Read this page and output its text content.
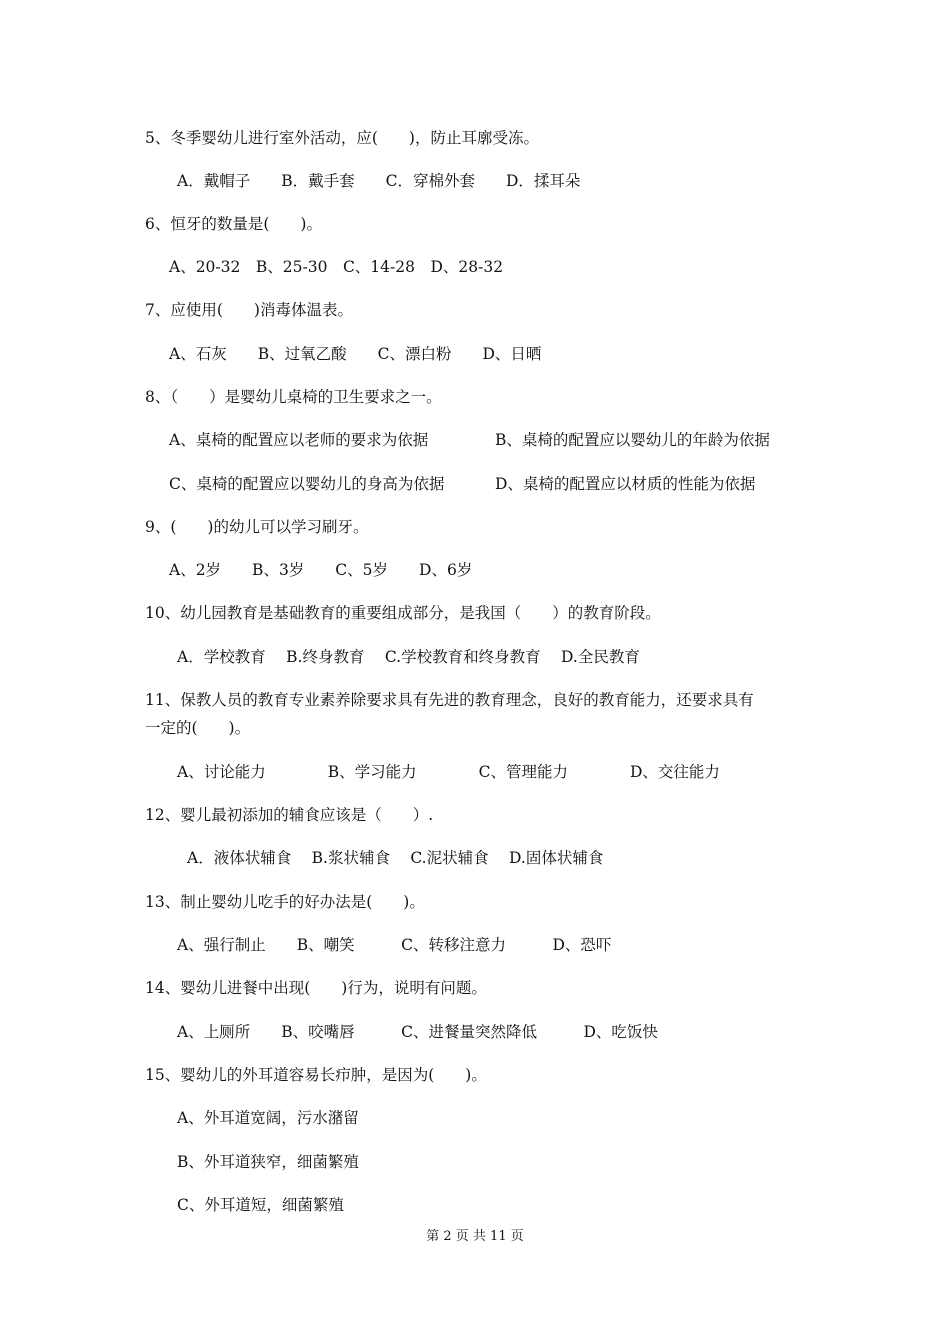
5、冬季婴幼儿进行室外活动，应(　　)，防止耳廓受冻。
A．戴帽子　　B．戴手套　　C．穿棉外套　　D．揉耳朵
6、恒牙的数量是(　　)。
A、20-32　B、25-30　C、14-28　D、28-32
7、应使用(　　)消毒体温表。
A、石灰　　B、过氧乙酸　　C、漂白粉　　D、日晒
8、（　　）是婴幼儿桌椅的卫生要求之一。
A、桌椅的配置应以老师的要求为依据	B、桌椅的配置应以婴幼儿的年龄为依据
C、桌椅的配置应以婴幼儿的身高为依据	D、桌椅的配置应以材质的性能为依据
9、(　　)的幼儿可以学习刷牙。
A、2岁　　B、3岁　　C、5岁　　D、6岁
10、幼儿园教育是基础教育的重要组成部分，是我国（　　）的教育阶段。
A．学校教育　 B.终身教育　 C.学校教育和终身教育　 D.全民教育
11、保教人员的教育专业素养除要求具有先进的教育理念，良好的教育能力，还要求具有
一定的(　　)。
A、讨论能力　　　　B、学习能力　　　　C、管理能力　　　　D、交往能力
12、婴儿最初添加的辅食应该是（　　）.
A．液体状辅食　 B.浆状辅食　 C.泥状辅食　 D.固体状辅食
13、制止婴幼儿吃手的好办法是(　　)。
A、强行制止　　B、嘲笑　　　C、转移注意力　　　D、恐吓
14、婴幼儿进餐中出现(　　)行为，说明有问题。
A、上厕所　　B、咬嘴唇　　　C、进餐量突然降低　　　D、吃饭快
15、婴幼儿的外耳道容易长疖肿，是因为(　　)。
A、外耳道宽阔，污水潴留
B、外耳道狭窄，细菌繁殖
C、外耳道短，细菌繁殖
第 2 页 共 11 页
